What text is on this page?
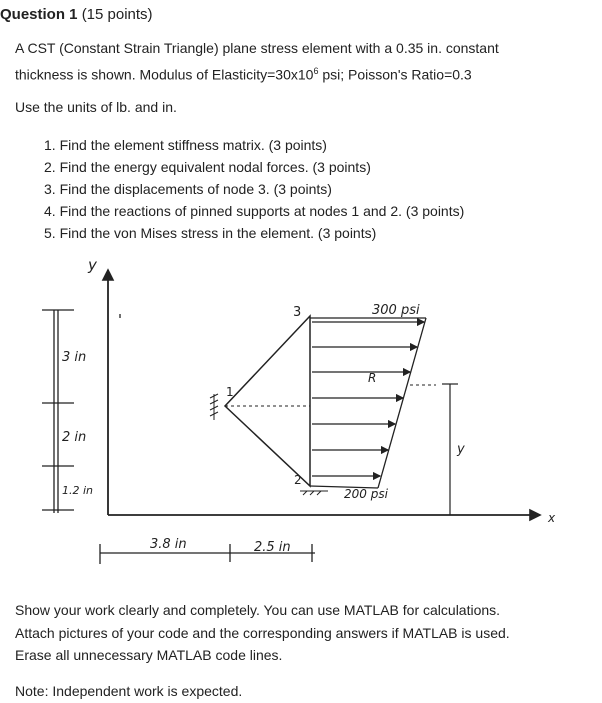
Question 1 (15 points)
A CST (Constant Strain Triangle) plane stress element with a 0.35 in. constant
thickness is shown. Modulus of $Elasticity=30x10^6$ psi; Poisson's Ratio=0.3
Use the units of lb. and in.
1. Find the element stiffness matrix. (3 points)
2. Find the energy equivalent nodal forces. (3 points)
3. Find the displacements of node 3. (3 points)
4. Find the reactions of pinned supports at nodes 1 and 2. (3 points)
5. Find the von Mises stress in the element. (3 points)
y
x
3 in
2 in
1.2 in
1
2
3
R
300 psi
200 psi
y
3.8 in	2.5 in
Show your work clearly and completely. You can use MATLAB for calculations.
Attach pictures of your code and the corresponding answers if MATLAB is used.
Erase all unnecessary MATLAB code lines.
Note: Independent work is expected.
